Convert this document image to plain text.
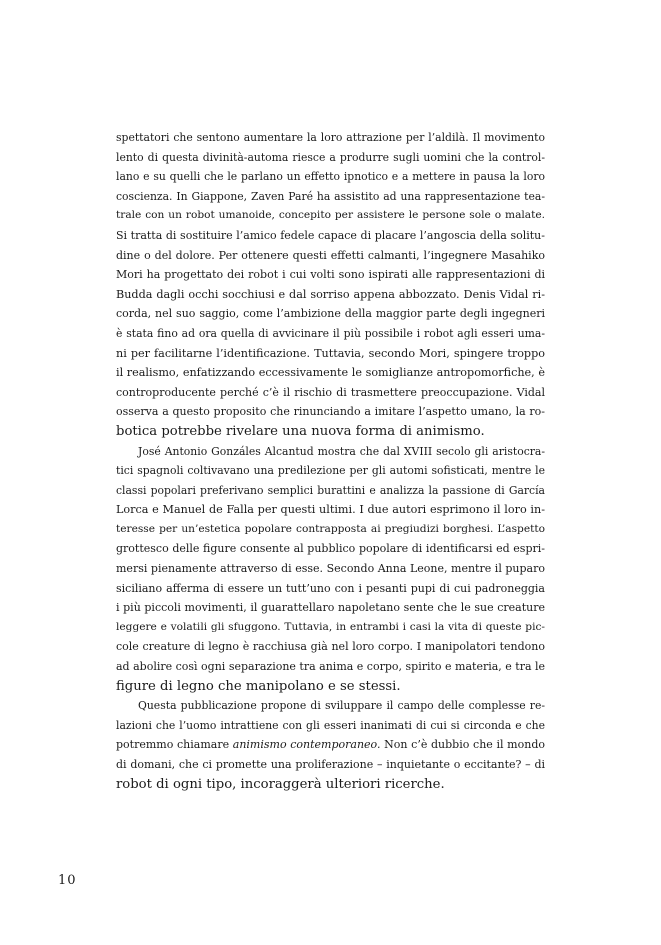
spettatori che sentono aumentare la loro attrazione per l’aldilà. Il movimento
lento di questa divinità-automa riesce a produrre sugli uomini che la control-
lano e su quelli che le parlano un effetto ipnotico e a mettere in pausa la loro
coscienza. In Giappone, Zaven Paré ha assistito ad una rappresentazione tea-
trale con un robot umanoide, concepito per assistere le persone sole o malate.
Si tratta di sostituire l’amico fedele capace di placare l’angoscia della solitu-
dine o del dolore. Per ottenere questi effetti calmanti, l’ingegnere Masahiko
Mori ha progettato dei robot i cui volti sono ispirati alle rappresentazioni di
Budda dagli occhi socchiusi e dal sorriso appena abbozzato. Denis Vidal ri-
corda, nel suo saggio, come l’ambizione della maggior parte degli ingegneri
è stata fino ad ora quella di avvicinare il più possibile i robot agli esseri uma-
ni per facilitarne l’identificazione. Tuttavia, secondo Mori, spingere troppo
il realismo, enfatizzando eccessivamente le somiglianze antropomorfiche, è
controproducente perché c’è il rischio di trasmettere preoccupazione. Vidal
osserva a questo proposito che rinunciando a imitare l’aspetto umano, la ro-
botica potrebbe rivelare una nuova forma di animismo.
José Antonio Gonzáles Alcantud mostra che dal XVIII secolo gli aristocra-
tici spagnoli coltivavano una predilezione per gli automi sofisticati, mentre le
classi popolari preferivano semplici burattini e analizza la passione di García
Lorca e Manuel de Falla per questi ultimi. I due autori esprimono il loro in-
teresse per un’estetica popolare contrapposta ai pregiudizi borghesi. L’aspetto
grottesco delle figure consente al pubblico popolare di identificarsi ed espri-
mersi pienamente attraverso di esse. Secondo Anna Leone, mentre il puparo
siciliano afferma di essere un tutt’uno con i pesanti pupi di cui padroneggia
i più piccoli movimenti, il guarattellaro napoletano sente che le sue creature
leggere e volatili gli sfuggono. Tuttavia, in entrambi i casi la vita di queste pic-
cole creature di legno è racchiusa già nel loro corpo. I manipolatori tendono
ad abolire così ogni separazione tra anima e corpo, spirito e materia, e tra le
figure di legno che manipolano e se stessi.
Questa pubblicazione propone di sviluppare il campo delle complesse re-
lazioni che l’uomo intrattiene con gli esseri inanimati di cui si circonda e che
potremmo chiamare animismo contemporaneo. Non c’è dubbio che il mondo
di domani, che ci promette una proliferazione – inquietante o eccitante? – di
robot di ogni tipo, incoraggerà ulteriori ricerche.
10
